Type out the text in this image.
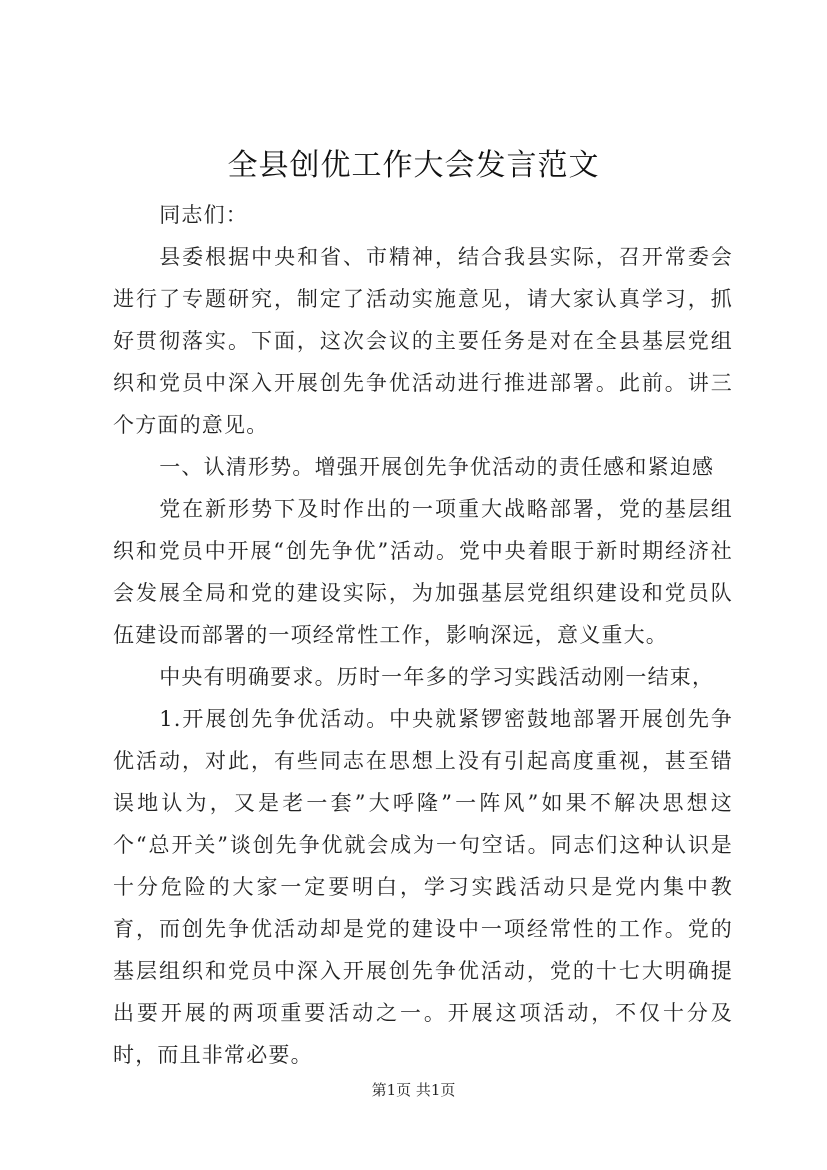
全县创优工作大会发言范文

同志们：

县委根据中央和省、市精神，结合我县实际，召开常委会进行了专题研究，制定了活动实施意见，请大家认真学习，抓好贯彻落实。下面，这次会议的主要任务是对在全县基层党组织和党员中深入开展创先争优活动进行推进部署。此前。讲三个方面的意见。

一、认清形势。增强开展创先争优活动的责任感和紧迫感

党在新形势下及时作出的一项重大战略部署，党的基层组织和党员中开展“创先争优”活动。党中央着眼于新时期经济社会发展全局和党的建设实际，为加强基层党组织建设和党员队伍建设而部署的一项经常性工作，影响深远，意义重大。

中央有明确要求。历时一年多的学习实践活动刚一结束，

1.开展创先争优活动。中央就紧锣密鼓地部署开展创先争优活动，对此，有些同志在思想上没有引起高度重视，甚至错误地认为，又是老一套”大呼隆”一阵风”如果不解决思想这个“总开关”谈创先争优就会成为一句空话。同志们这种认识是十分危险的大家一定要明白，学习实践活动只是党内集中教育，而创先争优活动却是党的建设中一项经常性的工作。党的基层组织和党员中深入开展创先争优活动，党的十七大明确提出要开展的两项重要活动之一。开展这项活动，不仅十分及时，而且非常必要。

第1页 共1页
